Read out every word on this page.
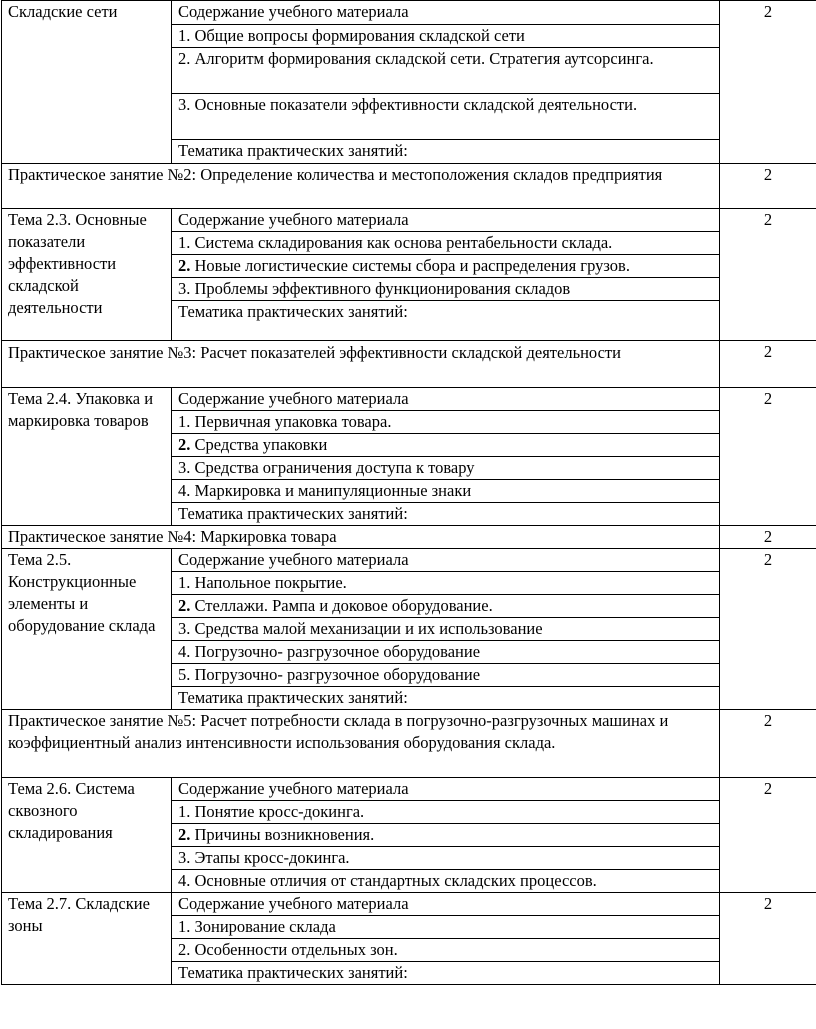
Складские сети	Содержание учебного материала	2
	1. Общие вопросы формирования складской сети	
	2. Алгоритм формирования складской сети. Стратегия аутсорсинга.	
	3. Основные показатели эффективности складской деятельности.	
	Тематика практических занятий:	
Практическое занятие №2: Определение количества и местоположения складов предприятия		2
Тема 2.3. Основные показатели эффективности складской деятельности	Содержание учебного материала	2
	1. Система складирования как основа рентабельности склада.	
	2. Новые логистические системы сбора и распределения грузов.	
	3. Проблемы эффективного функционирования складов	
	Тематика практических занятий:	
Практическое занятие №3: Расчет показателей эффективности складской деятельности		2
Тема 2.4. Упаковка и маркировка товаров	Содержание учебного материала	2
	1. Первичная упаковка товара.	
	2. Средства упаковки	
	3. Средства ограничения доступа к товару	
	4. Маркировка и манипуляционные знаки	
	Тематика практических занятий:	
Практическое занятие №4: Маркировка товара		2
Тема 2.5. Конструкционные элементы и оборудование склада	Содержание учебного материала	2
	1. Напольное покрытие.	
	2. Стеллажи. Рампа и доковое оборудование.	
	3. Средства малой механизации и их использование	
	4. Погрузочно- разгрузочное оборудование	
	5. Погрузочно- разгрузочное оборудование	
	Тематика практических занятий:	
Практическое занятие №5: Расчет потребности склада в погрузочно-разгрузочных машинах и коэффициентный анализ интенсивности использования оборудования склада.		2
Тема 2.6. Система сквозного складирования	Содержание учебного материала	2
	1. Понятие кросс-докинга.	
	2. Причины возникновения.	
	3. Этапы кросс-докинга.	
	4. Основные отличия от стандартных складских процессов.	
Тема 2.7. Складские зоны	Содержание учебного материала	2
	1. Зонирование склада	
	2. Особенности отдельных зон.	
	Тематика практических занятий:	
